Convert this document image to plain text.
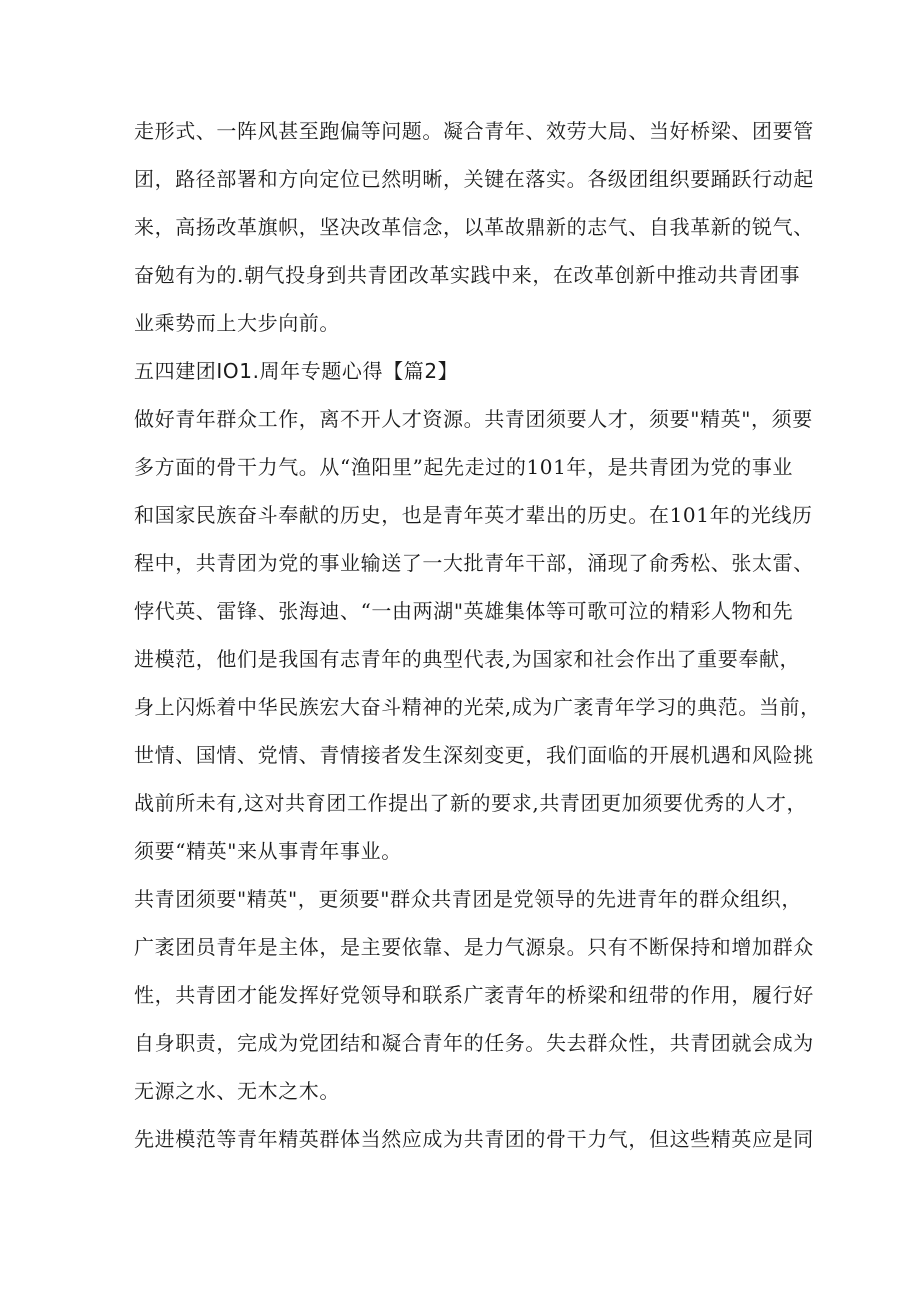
走形式、一阵风甚至跑偏等问题。凝合青年、效劳大局、当好桥梁、团要管
团，路径部署和方向定位已然明晰，关键在落实。各级团组织要踊跃行动起
来，高扬改革旗帜，坚决改革信念，以革故鼎新的志气、自我革新的锐气、
奋勉有为的.朝气投身到共青团改革实践中来，在改革创新中推动共青团事
业乘势而上大步向前。
五四建团IO1.周年专题心得【篇2】
做好青年群众工作，离不开人才资源。共青团须要人才，须要"精英"，须要
多方面的骨干力气。从“渔阳里”起先走过的101年，是共青团为党的事业
和国家民族奋斗奉献的历史，也是青年英才辈出的历史。在101年的光线历
程中，共青团为党的事业输送了一大批青年干部，涌现了俞秀松、张太雷、
悖代英、雷锋、张海迪、“一由两湖"英雄集体等可歌可泣的精彩人物和先
进模范，他们是我国有志青年的典型代表,为国家和社会作出了重要奉献，
身上闪烁着中华民族宏大奋斗精神的光荣,成为广袤青年学习的典范。当前，
世情、国情、党情、青情接者发生深刻变更，我们面临的开展机遇和风险挑
战前所未有,这对共育团工作提出了新的要求,共青团更加须要优秀的人才，
须要“精英"来从事青年事业。
共青团须要"精英"，更须要"群众共青团是党领导的先进青年的群众组织，
广袤团员青年是主体，是主要依靠、是力气源泉。只有不断保持和增加群众
性，共青团才能发挥好党领导和联系广袤青年的桥梁和纽带的作用，履行好
自身职责，完成为党团结和凝合青年的任务。失去群众性，共青团就会成为
无源之水、无木之木。
先进模范等青年精英群体当然应成为共青团的骨干力气，但这些精英应是同
